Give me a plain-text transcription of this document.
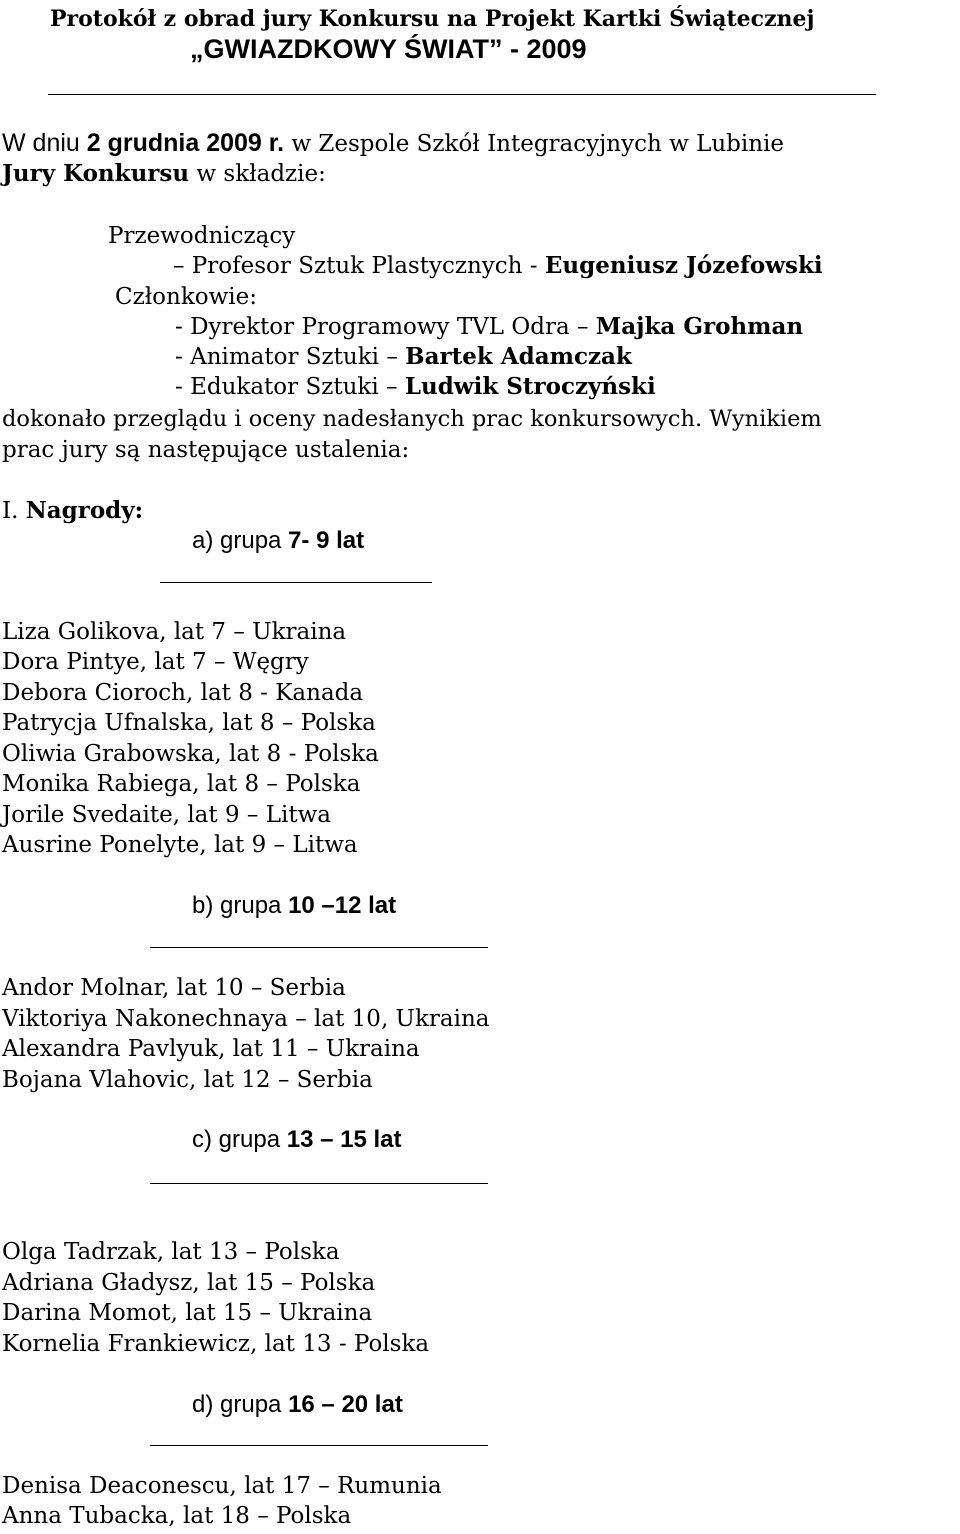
Protokół z obrad jury Konkursu na Projekt Kartki Świątecznej
„GWIAZDKOWY ŚWIAT” - 2009
W dniu 2 grudnia 2009 r. w Zespole Szkół Integracyjnych w Lubinie
Jury Konkursu w składzie:
Przewodniczący
– Profesor Sztuk Plastycznych - Eugeniusz Józefowski
Członkowie:
- Dyrektor Programowy TVL Odra – Majka Grohman
- Animator Sztuki – Bartek Adamczak
- Edukator Sztuki – Ludwik Stroczyński
dokonało przeglądu i oceny nadesłanych prac konkursowych. Wynikiem
prac jury są następujące ustalenia:
I. Nagrody:
a) grupa 7- 9 lat
Liza Golikova, lat 7 – Ukraina
Dora Pintye, lat 7 – Węgry
Debora Cioroch, lat 8 - Kanada
Patrycja Ufnalska, lat 8 – Polska
Oliwia Grabowska, lat 8 - Polska
Monika Rabiega, lat 8 – Polska
Jorile Svedaite, lat 9 – Litwa
Ausrine Ponelyte, lat 9 – Litwa
b) grupa 10 –12 lat
Andor Molnar, lat 10 – Serbia
Viktoriya Nakonechnaya – lat 10, Ukraina
Alexandra Pavlyuk, lat 11 – Ukraina
Bojana Vlahovic, lat 12 – Serbia
c) grupa 13 – 15 lat
Olga Tadrzak, lat 13 – Polska
Adriana Gładysz, lat 15 – Polska
Darina Momot, lat 15 – Ukraina
Kornelia Frankiewicz, lat 13 - Polska
d) grupa 16 – 20 lat
Denisa Deaconescu, lat 17 – Rumunia
Anna Tubacka, lat 18 – Polska
